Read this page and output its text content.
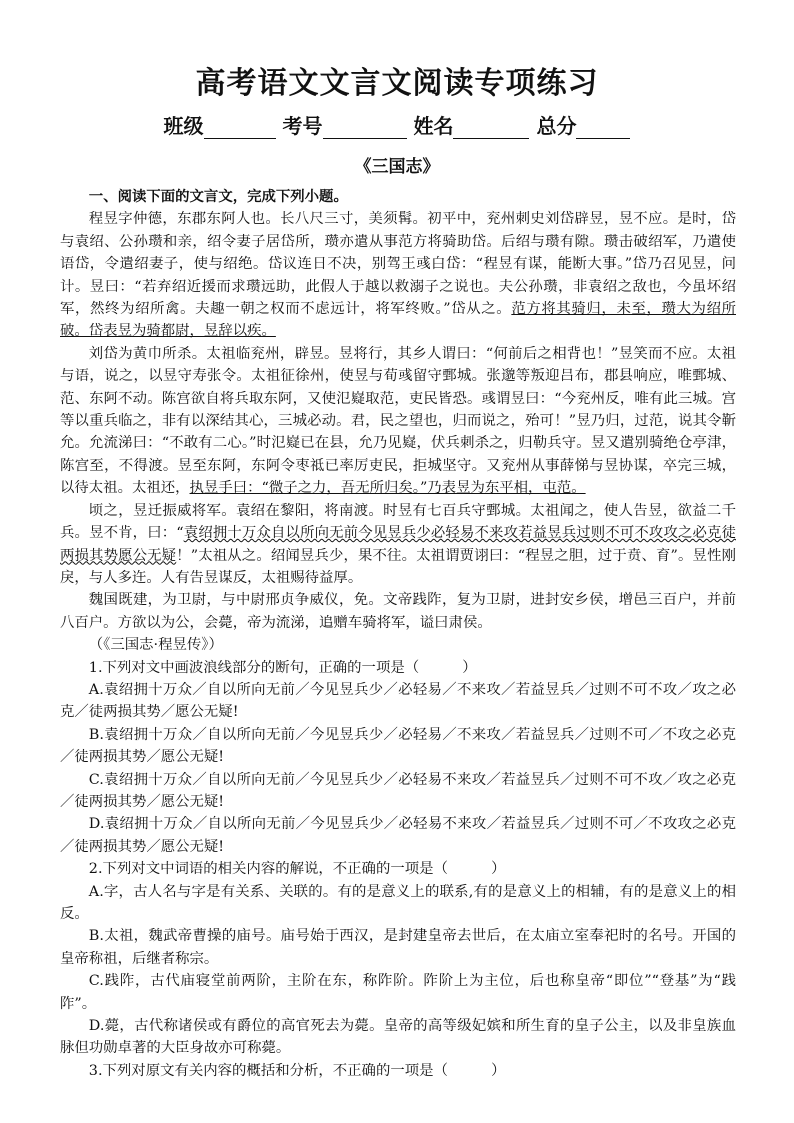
高考语文文言文阅读专项练习
班级	考号	姓名	总分
《三国志》

一、阅读下面的文言文，完成下列小题。

程昱字仲德，东郡东阿人也。长八尺三寸，美须髯。初平中，兖州刺史刘岱辟昱，昱不应。是时，岱与袁绍、公孙瓒和亲，绍令妻子居岱所，瓒亦遣从事范方将骑助岱。后绍与瓒有隙。瓒击破绍军，乃遣使语岱，令遣绍妻子，使与绍绝。岱议连日不决，别驾王彧白岱：“程昱有谋，能断大事。”岱乃召见昱，问计。昱曰：“若弃绍近援而求瓒远助，此假人于越以救溺子之说也。夫公孙瓒，非袁绍之敌也，今虽坏绍军，然终为绍所禽。夫趣一朝之权而不虑远计，将军终败。”岱从之。范方将其骑归，未至，瓒大为绍所破。岱表昱为骑都尉，昱辞以疾。

刘岱为黄巾所杀。太祖临兖州，辟昱。昱将行，其乡人谓曰：“何前后之相背也！”昱笑而不应。太祖与语，说之，以昱守寿张令。太祖征徐州，使昱与荀彧留守鄄城。张邈等叛迎吕布，郡县响应，唯鄄城、范、东阿不动。陈宫欲自将兵取东阿，又使氾嶷取范，吏民皆恐。彧谓昱曰：“今兖州反，唯有此三城。宫等以重兵临之，非有以深结其心，三城必动。君，民之望也，归而说之，殆可！”昱乃归，过范，说其令靳允。允流涕曰：“不敢有二心。”时氾嶷已在县，允乃见嶷，伏兵刺杀之，归勒兵守。昱又遣别骑绝仓亭津，陈宫至，不得渡。昱至东阿，东阿令枣祗已率厉吏民，拒城坚守。又兖州从事薛悌与昱协谋，卒完三城，以待太祖。太祖还，执昱手曰：“微子之力，吾无所归矣。”乃表昱为东平相，屯范。

顷之，昱迁振威将军。袁绍在黎阳，将南渡。时昱有七百兵守鄄城。太祖闻之，使人告昱，欲益二千兵。昱不肯，曰：“袁绍拥十万众自以所向无前今见昱兵少必轻易不来攻若益昱兵过则不可不攻攻之必克徒两损其势愿公无疑！”太祖从之。绍闻昱兵少，果不往。太祖谓贾诩曰：“程昱之胆，过于贲、育”。昱性刚戾，与人多迕。人有告昱谋反，太祖赐待益厚。

魏国既建，为卫尉，与中尉邢贞争威仪，免。文帝践阼，复为卫尉，进封安乡侯，增邑三百户，并前八百户。方欲以为公，会薨，帝为流涕，追赠车骑将军，谥曰肃侯。

（《三国志·程昱传》）

1.下列对文中画波浪线部分的断句，正确的一项是（　　　）

A.袁绍拥十万众／自以所向无前／今见昱兵少／必轻易／不来攻／若益昱兵／过则不可不攻／攻之必克／徒两损其势／愿公无疑!

B.袁绍拥十万众／自以所向无前／今见昱兵少／必轻易／不来攻／若益昱兵／过则不可／不攻之必克／徒两损其势／愿公无疑!

C.袁绍拥十万众／自以所向无前／今见昱兵少／必轻易不来攻／若益昱兵／过则不可不攻／攻之必克／徒两损其势／愿公无疑!

D.袁绍拥十万众／自以所向无前／今见昱兵少／必轻易不来攻／若益昱兵／过则不可／不攻攻之必克／徒两损其势／愿公无疑!

2.下列对文中词语的相关内容的解说，不正确的一项是（　　　）

A.字，古人名与字是有关系、关联的。有的是意义上的联系,有的是意义上的相辅，有的是意义上的相反。

B.太祖，魏武帝曹操的庙号。庙号始于西汉，是封建皇帝去世后，在太庙立室奉祀时的名号。开国的皇帝称祖，后继者称宗。

C.践阼，古代庙寝堂前两阶，主阶在东，称阼阶。阼阶上为主位，后也称皇帝“即位”“登基”为“践阼”。

D.薨，古代称诸侯或有爵位的高官死去为薨。皇帝的高等级妃嫔和所生育的皇子公主，以及非皇族血脉但功勋卓著的大臣身故亦可称薨。

3.下列对原文有关内容的概括和分析，不正确的一项是（　　　）
